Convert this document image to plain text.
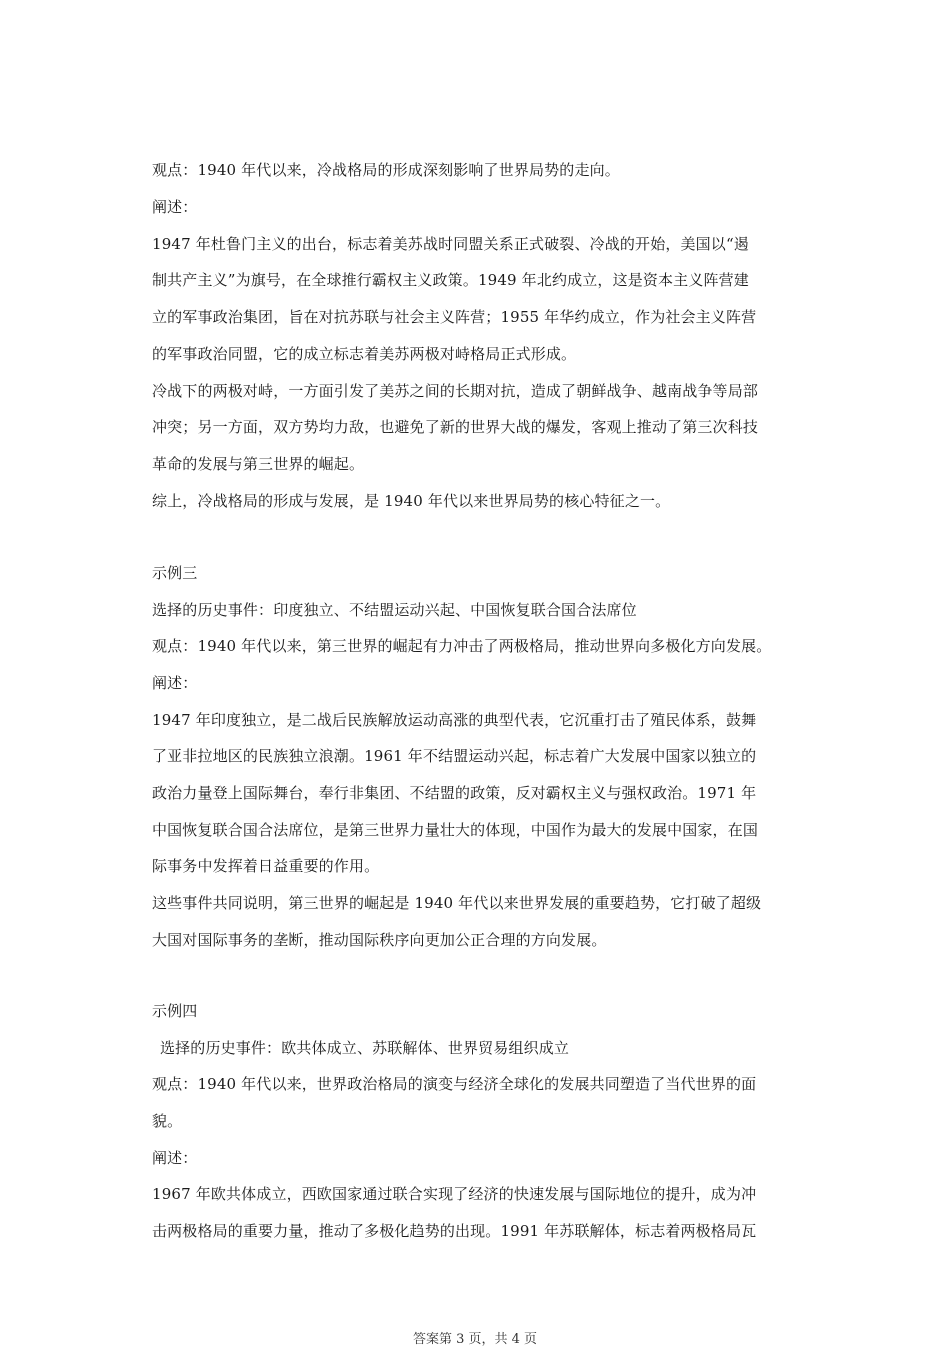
观点：1940 年代以来，冷战格局的形成深刻影响了世界局势的走向。
阐述：
1947 年杜鲁门主义的出台，标志着美苏战时同盟关系正式破裂、冷战的开始，美国以“遏
制共产主义”为旗号，在全球推行霸权主义政策。1949 年北约成立，这是资本主义阵营建
立的军事政治集团，旨在对抗苏联与社会主义阵营；1955 年华约成立，作为社会主义阵营
的军事政治同盟，它的成立标志着美苏两极对峙格局正式形成。
冷战下的两极对峙，一方面引发了美苏之间的长期对抗，造成了朝鲜战争、越南战争等局部
冲突；另一方面，双方势均力敌，也避免了新的世界大战的爆发，客观上推动了第三次科技
革命的发展与第三世界的崛起。
综上，冷战格局的形成与发展，是 1940 年代以来世界局势的核心特征之一。
示例三
选择的历史事件：印度独立、不结盟运动兴起、中国恢复联合国合法席位
观点：1940 年代以来，第三世界的崛起有力冲击了两极格局，推动世界向多极化方向发展。
阐述：
1947 年印度独立，是二战后民族解放运动高涨的典型代表，它沉重打击了殖民体系，鼓舞
了亚非拉地区的民族独立浪潮。1961 年不结盟运动兴起，标志着广大发展中国家以独立的
政治力量登上国际舞台，奉行非集团、不结盟的政策，反对霸权主义与强权政治。1971 年
中国恢复联合国合法席位，是第三世界力量壮大的体现，中国作为最大的发展中国家，在国
际事务中发挥着日益重要的作用。
这些事件共同说明，第三世界的崛起是 1940 年代以来世界发展的重要趋势，它打破了超级
大国对国际事务的垄断，推动国际秩序向更加公正合理的方向发展。
示例四
选择的历史事件：欧共体成立、苏联解体、世界贸易组织成立
观点：1940 年代以来，世界政治格局的演变与经济全球化的发展共同塑造了当代世界的面
貌。
阐述：
1967 年欧共体成立，西欧国家通过联合实现了经济的快速发展与国际地位的提升，成为冲
击两极格局的重要力量，推动了多极化趋势的出现。1991 年苏联解体，标志着两极格局瓦
答案第 3 页，共 4 页
